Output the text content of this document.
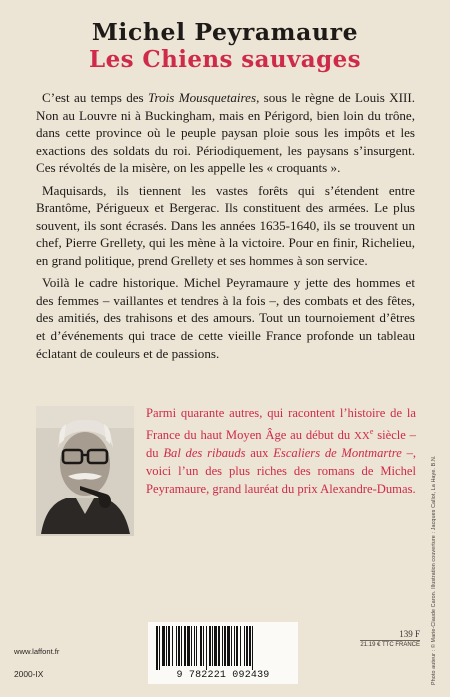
Michel Peyramaure
Les Chiens sauvages

C’est au temps des Trois Mousquetaires, sous le règne de Louis XIII. Non au Louvre ni à Buckingham, mais en Périgord, bien loin du trône, dans cette province où le peuple paysan ploie sous les impôts et les exactions des soldats du roi. Périodiquement, les paysans s’insurgent. Ces révoltés de la misère, on les appelle les « croquants ».

Maquisards, ils tiennent les vastes forêts qui s’étendent entre Brantôme, Périgueux et Bergerac. Ils constituent des armées. Le plus souvent, ils sont écrasés. Dans les années 1635-1640, ils se trouvent un chef, Pierre Grellety, qui les mène à la victoire. Pour en finir, Richelieu, en grand politique, prend Grellety et ses hommes à son service.

Voilà le cadre historique. Michel Peyramaure y jette des hommes et des femmes – vaillantes et tendres à la fois –, des combats et des fêtes, des amitiés, des trahisons et des amours. Tout un tournoiement d’êtres et d’événements qui trace de cette vieille France profonde un tableau éclatant de couleurs et de passions.

Parmi quarante autres, qui racontent l’histoire de la France du haut Moyen Âge au début du XXe siècle – du Bal des ribauds aux Escaliers de Montmartre –, voici l’un des plus riches des romans de Michel Peyramaure, grand lauréat du prix Alexandre-Dumas.	Photo auteur : © Marie-Claude Caron. Illustration couverture : Jacques Callot, La Haye. B.N.
9 782221 092439
139 F
21.19 € TTC FRANCE
www.laffont.fr
2000-IX
